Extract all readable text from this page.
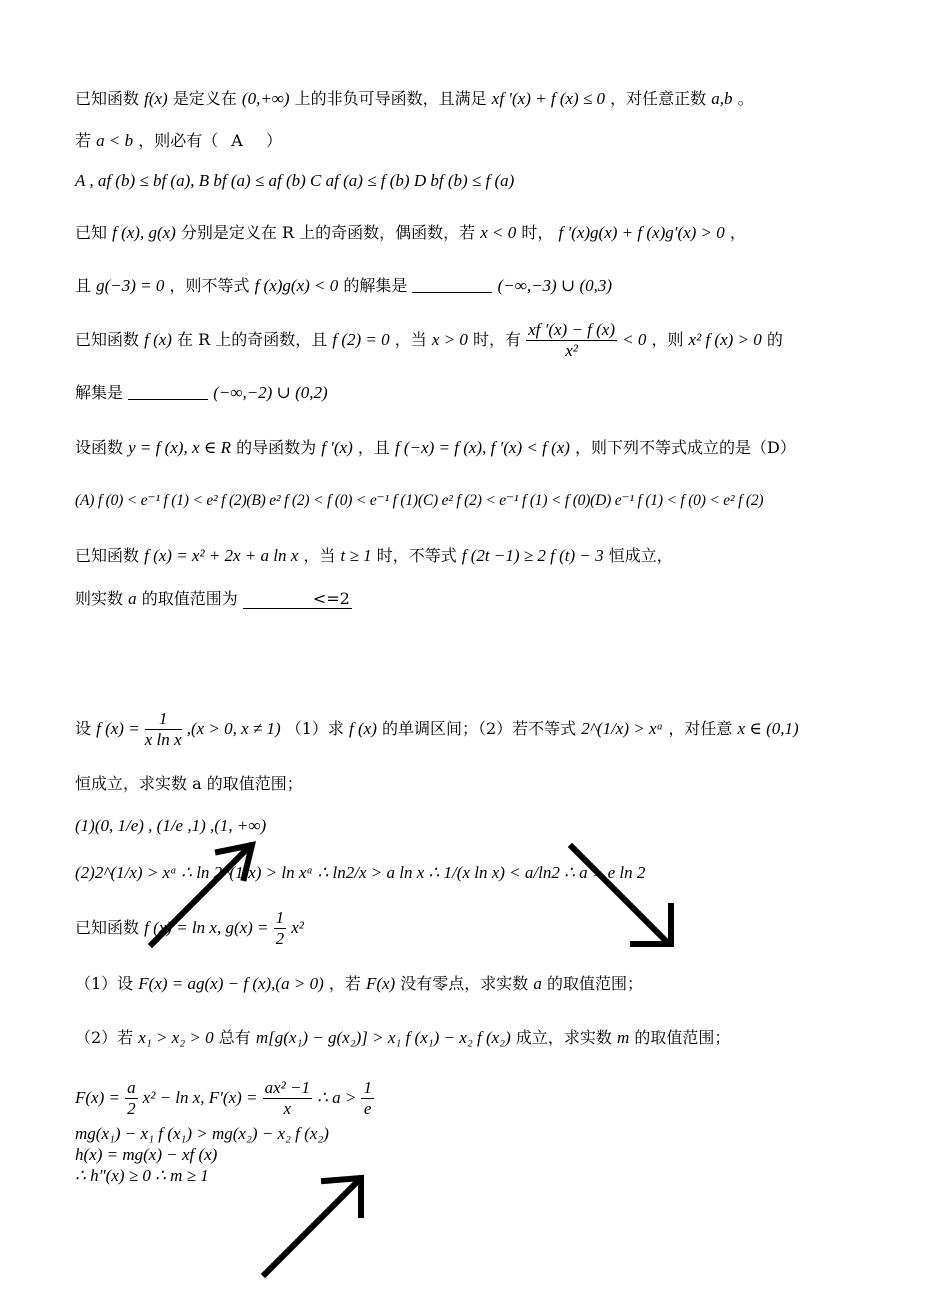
已知函数 f(x) 是定义在 (0,+∞) 上的非负可导函数，且满足 xf ′(x) + f (x) ≤ 0 ，对任意正数 a,b 。
若 a < b ，则必有（ A ）
A , af (b) ≤ bf (a), B bf (a) ≤ af (b) C af (a) ≤ f (b) D bf (b) ≤ f (a)
已知 f (x), g(x) 分别是定义在 R 上的奇函数，偶函数，若 x < 0 时， f ′(x)g(x) + f (x)g′(x) > 0 ，
且 g(−3) = 0 ，则不等式 f (x)g(x) < 0 的解集是	(−∞,−3) ∪ (0,3)
已知函数 f (x) 在 R 上的奇函数，且 f (2) = 0 ，当 x > 0 时，有 $\frac{xf '(x) - f (x)}{\text{x²}} < 0$ ，则 x² f (x) > 0 的
解集是	(−∞,−2) ∪ (0,2)
设函数 y = f (x), x ∈ R 的导函数为 f ′(x) ，且 f (−x) = f (x), f ′(x) < f (x) ，则下列不等式成立的是（D）
(A) f (0) < e⁻¹ f (1) < e² f (2)(B) e² f (2) < f (0) < e⁻¹ f (1)(C) e² f (2) < e⁻¹ f (1) < f (0)(D) e⁻¹ f (1) < f (0) < e² f (2)
已知函数 f (x) = x² + 2x + a ln x ，当 t ≥ 1 时，不等式 f (2t −1) ≥ 2 f (t) − 3 恒成立，
则实数 a 的取值范围为	<=2
设 f $(x) = \frac{1}{\text{x ln x}} ,(x > 0$, x ≠ 1) （1）求 f (x) 的单调区间；（2）若不等式 2^(1/x) > xᵃ ，对任意 x ∈ (0,1)
恒成立，求实数 a 的取值范围；
(1)(0, 1/e) , (1/e ,1) ,(1, +∞)
(2)2^(1/x) > xᵃ ∴ ln 2^(1/x) > ln xᵃ ∴ ln2/x > a ln x ∴ 1/(x ln x) < a/ln2 ∴ a > e ln 2
已知函数 f (x) = ln x, $g(x) = \frac{1}{2} x^2$
（1）设 F(x) = ag(x) − f (x),(a > 0) ，若 F(x) 没有零点，求实数 a 的取值范围；
（2）若 x₁ > x₂ > 0 总有 m[g(x₁) − g(x₂)] > x₁ f (x₁) − x₂ f (x₂) 成立，求实数 m 的取值范围；
$F(x) = \frac{a}{2} x^2 - \ln x$, $F'(x) = \frac{\text{ax² −1}}{x}$ ∴ $a > \frac{1}{e}$
mg(x₁) − x₁ f (x₁) > mg(x₂) − x₂ f (x₂)
h(x) = mg(x) − xf (x)
∴ h″(x) ≥ 0 ∴ m ≥ 1
